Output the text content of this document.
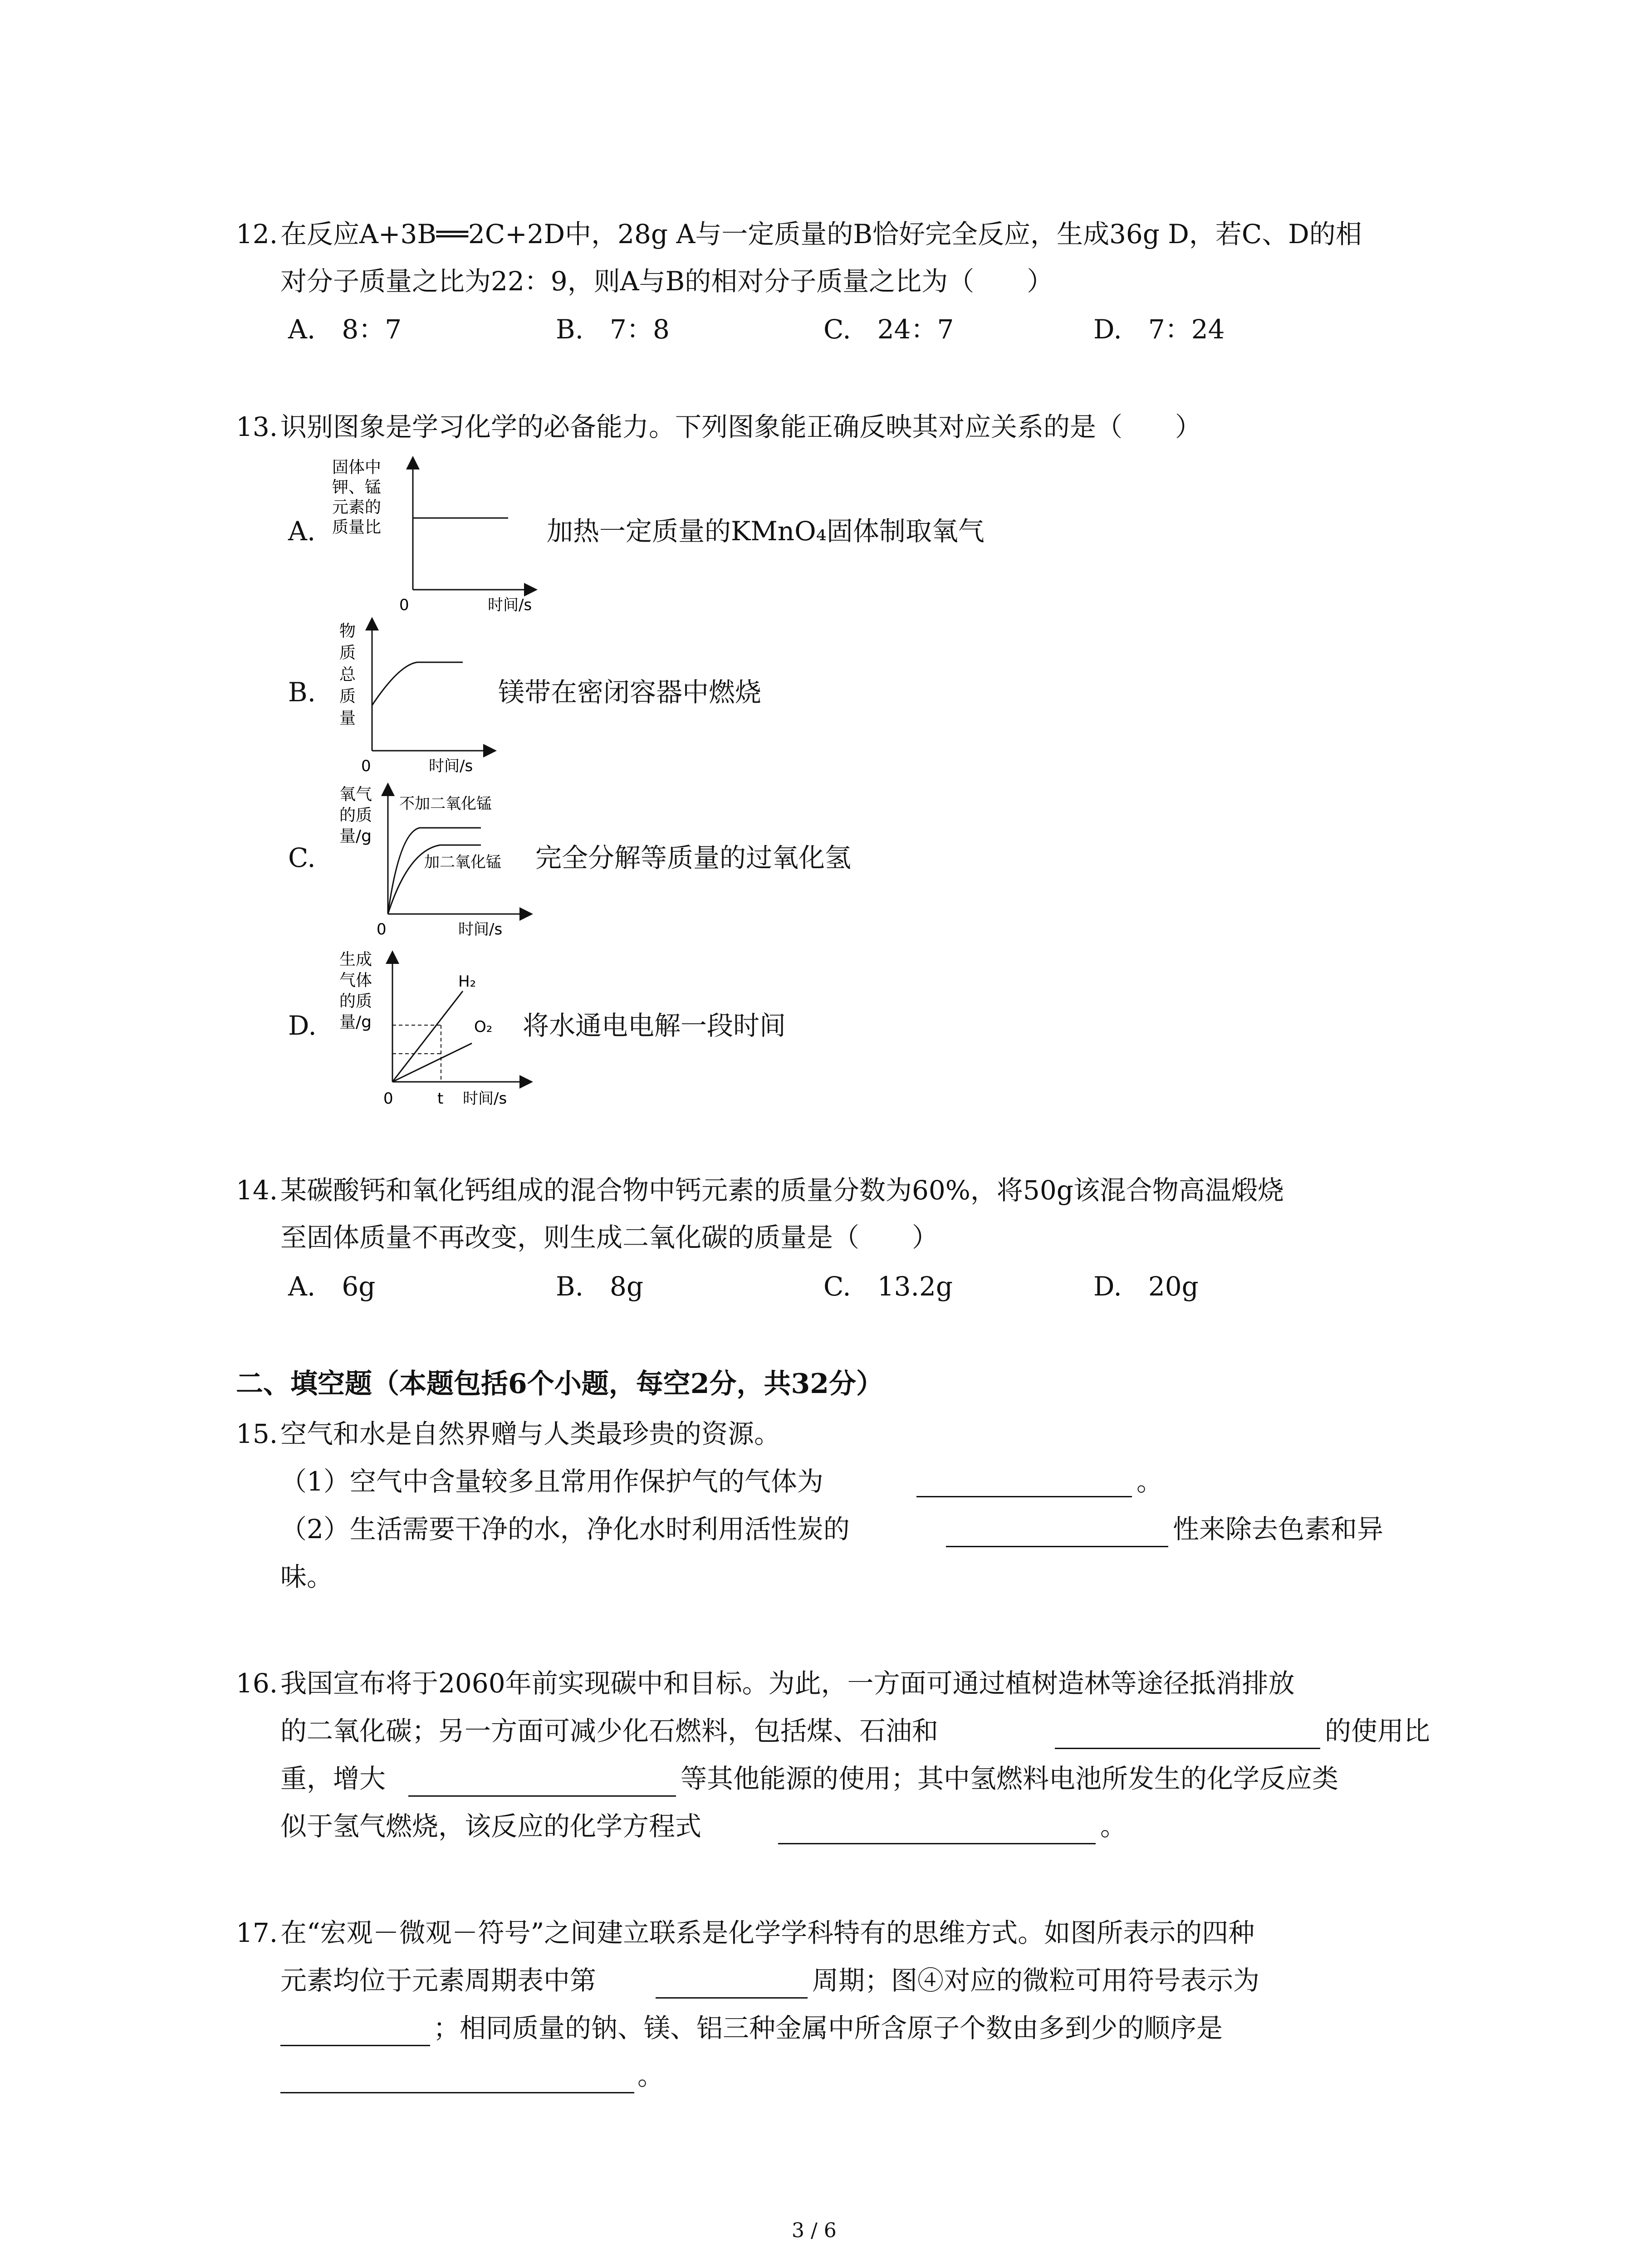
12. 在反应A+3B══2C+2D中，28g A与一定质量的B恰好完全反应，生成36g D，若C、D的相
对分子质量之比为22：9，则A与B的相对分子质量之比为（　　）
A.　8：7	B.　7：8	C.　24：7	D.　7：24
13. 识别图象是学习化学的必备能力。下列图象能正确反映其对应关系的是（　　）
A.
固体中
钾、锰
元素的
质量比
0	时间/s
加热一定质量的KMnO₄固体制取氧气
B.
物
质
总
质
量
0	时间/s
镁带在密闭容器中燃烧
C.
氧气
的质
量/g
不加二氧化锰
加二氧化锰
0	时间/s
完全分解等质量的过氧化氢
D.
生成
气体
的质
量/g
H₂
O₂
0	t 时间/s
将水通电电解一段时间
14. 某碳酸钙和氧化钙组成的混合物中钙元素的质量分数为60%，将50g该混合物高温煅烧
至固体质量不再改变，则生成二氧化碳的质量是（　　）
A.　6g	B.　8g	C.　13.2g	D.　20g
二、填空题（本题包括6个小题，每空2分，共32分）
15. 空气和水是自然界赠与人类最珍贵的资源。
（1）空气中含量较多且常用作保护气的气体为	。
（2）生活需要干净的水，净化水时利用活性炭的	性来除去色素和异
味。
16. 我国宣布将于2060年前实现碳中和目标。为此，一方面可通过植树造林等途径抵消排放
的二氧化碳；另一方面可减少化石燃料，包括煤、石油和	的使用比
重，增大	等其他能源的使用；其中氢燃料电池所发生的化学反应类
似于氢气燃烧，该反应的化学方程式	。
17. 在“宏观－微观－符号”之间建立联系是化学学科特有的思维方式。如图所表示的四种
元素均位于元素周期表中第	周期；图④对应的微粒可用符号表示为
；相同质量的钠、镁、铝三种金属中所含原子个数由多到少的顺序是
。
3 / 6
